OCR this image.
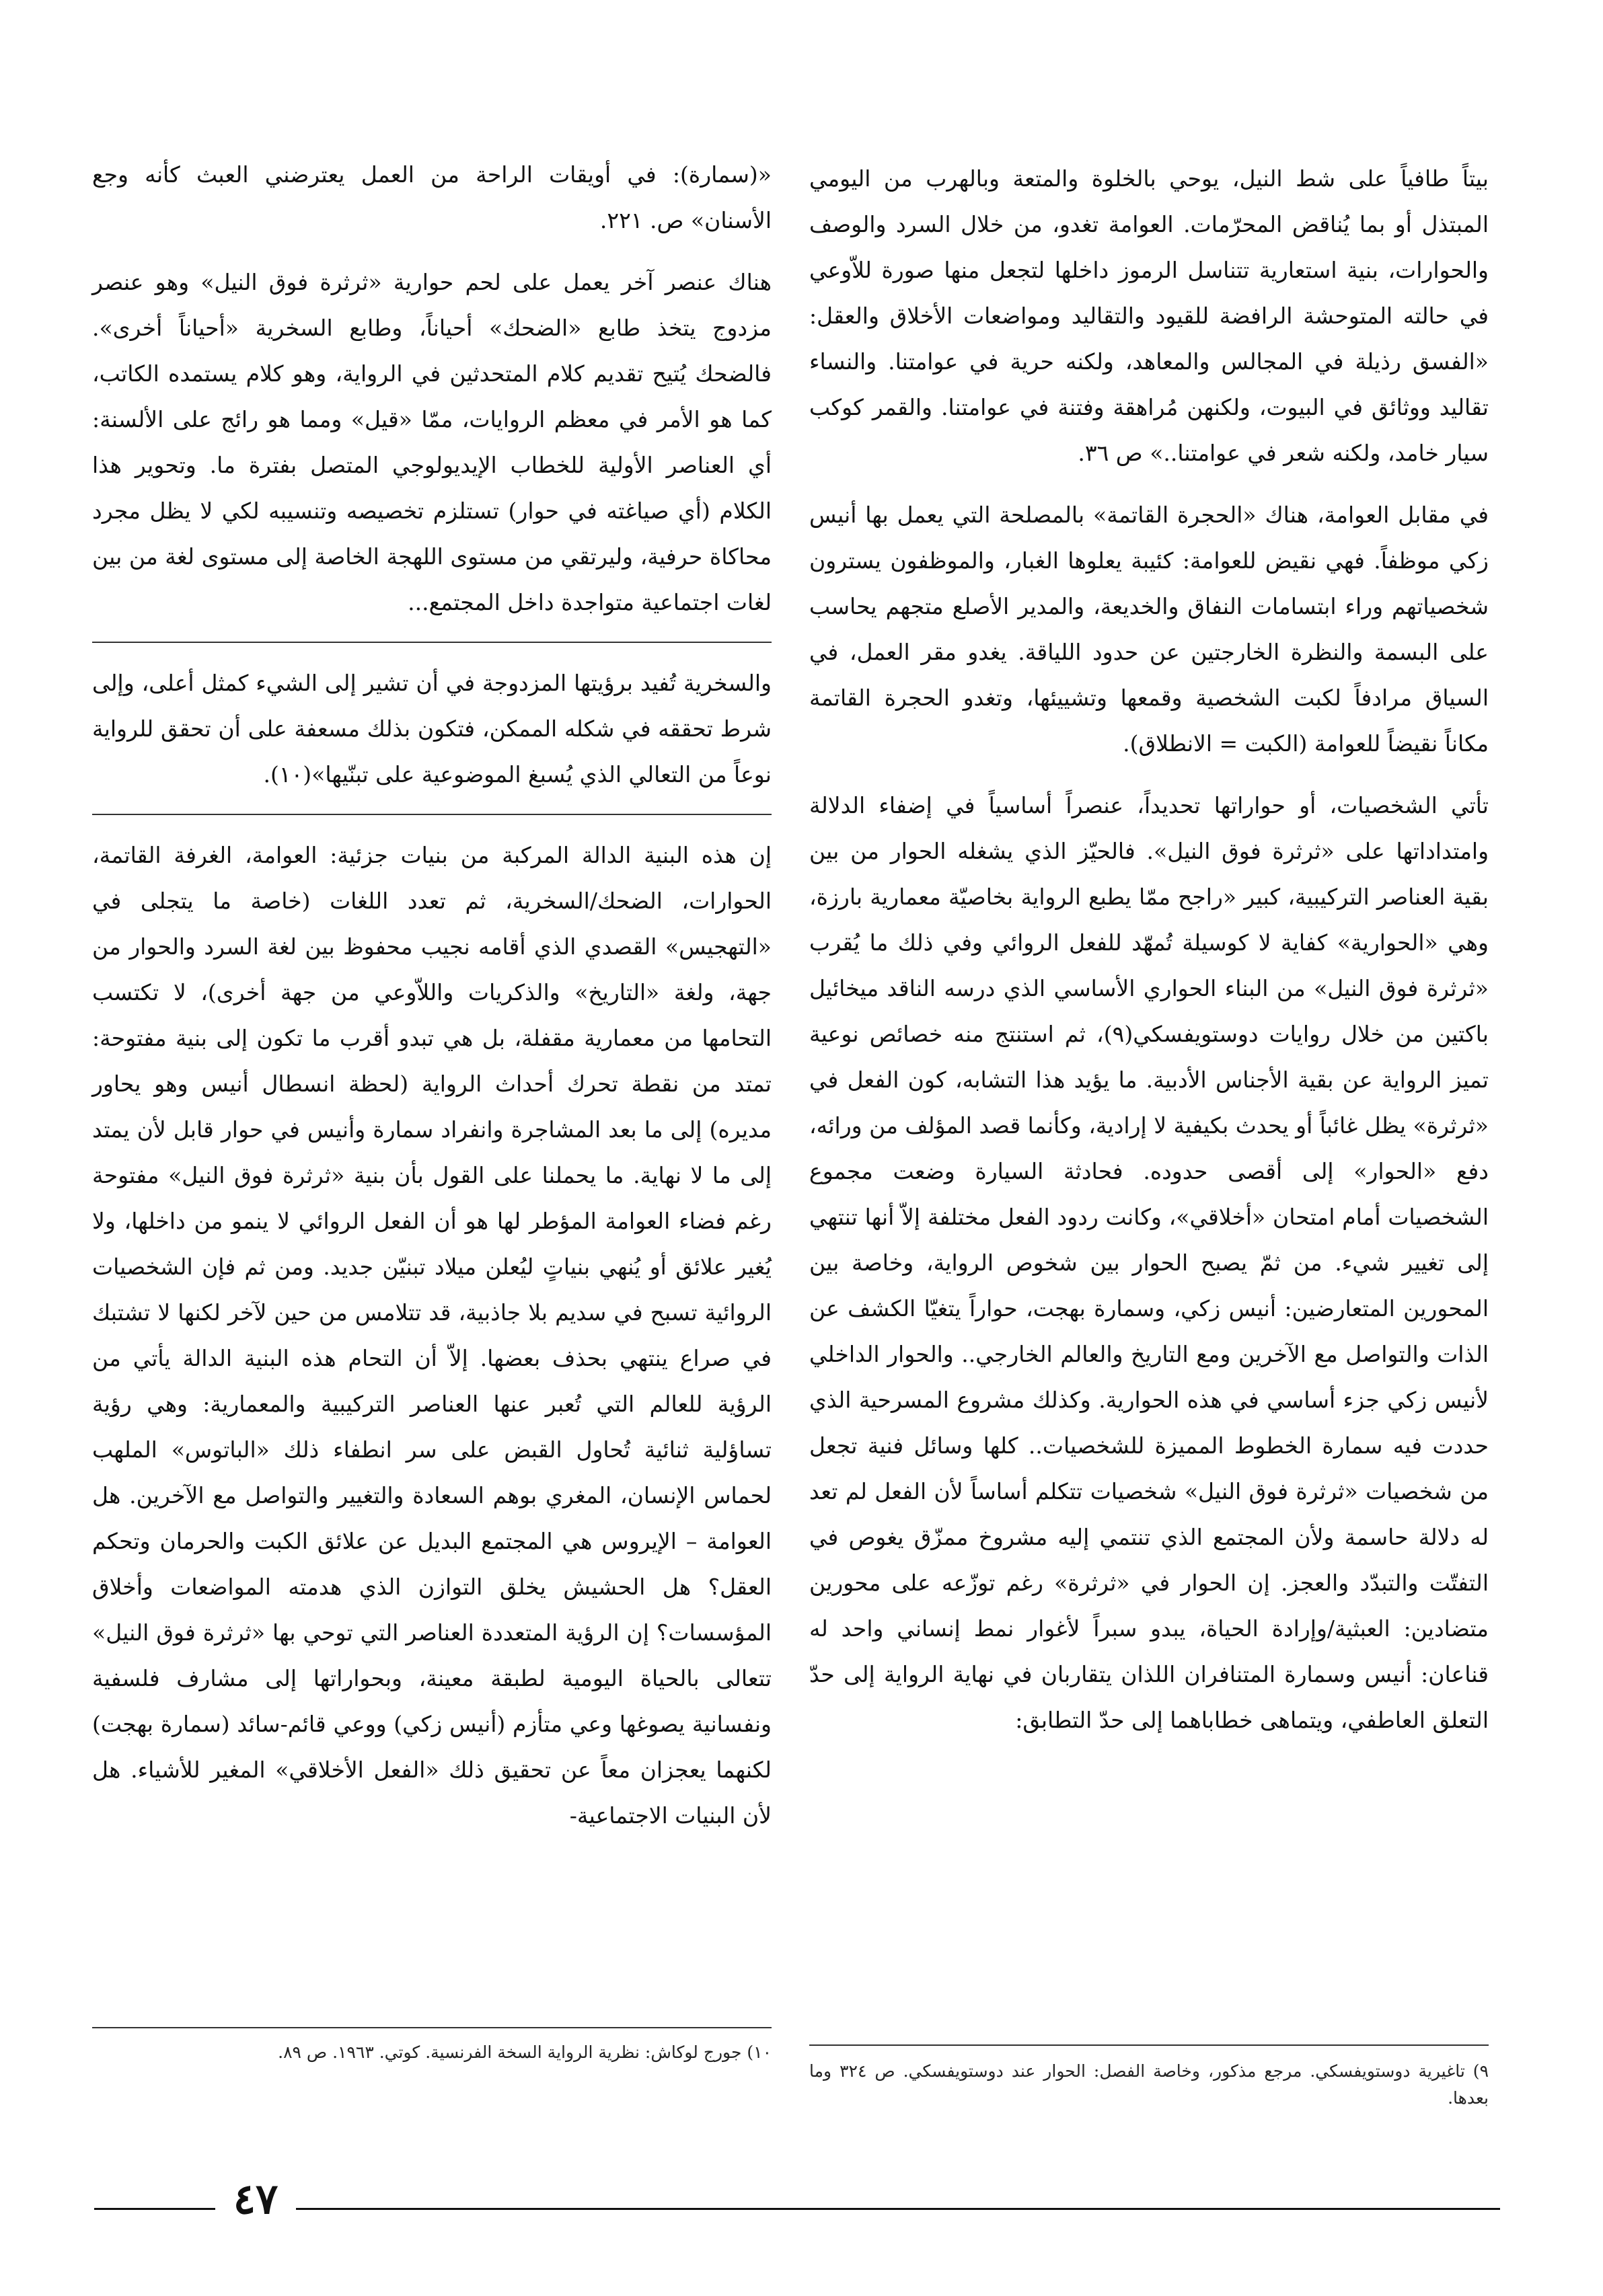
بيتاً طافياً على شط النيل، يوحي بالخلوة والمتعة وبالهرب من اليومي المبتذل أو بما يُناقض المحرّمات. العوامة تغدو، من خلال السرد والوصف والحوارات، بنية استعارية تتناسل الرموز داخلها لتجعل منها صورة للاّوعي في حالته المتوحشة الرافضة للقيود والتقاليد ومواضعات الأخلاق والعقل: «الفسق رذيلة في المجالس والمعاهد، ولكنه حرية في عوامتنا. والنساء تقاليد ووثائق في البيوت، ولكنهن مُراهقة وفتنة في عوامتنا. والقمر كوكب سيار خامد، ولكنه شعر في عوامتنا..» ص ٣٦.

في مقابل العوامة، هناك «الحجرة القاتمة» بالمصلحة التي يعمل بها أنيس زكي موظفاً. فهي نقيض للعوامة: كئيبة يعلوها الغبار، والموظفون يسترون شخصياتهم وراء ابتسامات النفاق والخديعة، والمدير الأصلع متجهم يحاسب على البسمة والنظرة الخارجتين عن حدود اللياقة. يغدو مقر العمل، في السياق مرادفاً لكبت الشخصية وقمعها وتشييئها، وتغدو الحجرة القاتمة مكاناً نقيضاً للعوامة (الكبت = الانطلاق).

تأتي الشخصيات، أو حواراتها تحديداً، عنصراً أساسياً في إضفاء الدلالة وامتداداتها على «ثرثرة فوق النيل». فالحيّز الذي يشغله الحوار من بين بقية العناصر التركيبية، كبير «راجح ممّا يطبع الرواية بخاصيّة معمارية بارزة، وهي «الحوارية» كفاية لا كوسيلة تُمهّد للفعل الروائي وفي ذلك ما يُقرب «ثرثرة فوق النيل» من البناء الحواري الأساسي الذي درسه الناقد ميخائيل باكتين من خلال روايات دوستويفسكي(٩)، ثم استنتج منه خصائص نوعية تميز الرواية عن بقية الأجناس الأدبية. ما يؤيد هذا التشابه، كون الفعل في «ثرثرة» يظل غائباً أو يحدث بكيفية لا إرادية، وكأنما قصد المؤلف من ورائه، دفع «الحوار» إلى أقصى حدوده. فحادثة السيارة وضعت مجموع الشخصيات أمام امتحان «أخلاقي»، وكانت ردود الفعل مختلفة إلاّ أنها تنتهي إلى تغيير شيء. من ثمّ يصبح الحوار بين شخوص الرواية، وخاصة بين المحورين المتعارضين: أنيس زكي، وسمارة بهجت، حواراً يتغيّا الكشف عن الذات والتواصل مع الآخرين ومع التاريخ والعالم الخارجي.. والحوار الداخلي لأنيس زكي جزء أساسي في هذه الحوارية. وكذلك مشروع المسرحية الذي حددت فيه سمارة الخطوط المميزة للشخصيات.. كلها وسائل فنية تجعل من شخصيات «ثرثرة فوق النيل» شخصيات تتكلم أساساً لأن الفعل لم تعد له دلالة حاسمة ولأن المجتمع الذي تنتمي إليه مشروخ ممزّق يغوص في التفتّت والتبدّد والعجز. إن الحوار في «ثرثرة» رغم توزّعه على محورين متضادين: العبثية/وإرادة الحياة، يبدو سبراً لأغوار نمط إنساني واحد له قناعان: أنيس وسمارة المتنافران اللذان يتقاربان في نهاية الرواية إلى حدّ التعلق العاطفي، ويتماهى خطاباهما إلى حدّ التطابق:

٩) تاغيرية دوستويفسكي. مرجع مذكور، وخاصة الفصل: الحوار عند دوستويفسكي. ص ٣٢٤ وما بعدها.

«(سمارة): في أويقات الراحة من العمل يعترضني العبث كأنه وجع الأسنان» ص. ٢٢١.

هناك عنصر آخر يعمل على لحم حوارية «ثرثرة فوق النيل» وهو عنصر مزدوج يتخذ طابع «الضحك» أحياناً، وطابع السخرية «أحياناً أخرى». فالضحك يُتيح تقديم كلام المتحدثين في الرواية، وهو كلام يستمده الكاتب، كما هو الأمر في معظم الروايات، ممّا «قيل» ومما هو رائج على الألسنة: أي العناصر الأولية للخطاب الإيديولوجي المتصل بفترة ما. وتحوير هذا الكلام (أي صياغته في حوار) تستلزم تخصيصه وتنسيبه لكي لا يظل مجرد محاكاة حرفية، وليرتقي من مستوى اللهجة الخاصة إلى مستوى لغة من بين لغات اجتماعية متواجدة داخل المجتمع...

والسخرية تُفيد برؤيتها المزدوجة في أن تشير إلى الشيء كمثل أعلى، وإلى شرط تحققه في شكله الممكن، فتكون بذلك مسعفة على أن تحقق للرواية نوعاً من التعالي الذي يُسبغ الموضوعية على تبنّيها»(١٠).

إن هذه البنية الدالة المركبة من بنيات جزئية: العوامة، الغرفة القاتمة، الحوارات، الضحك/السخرية، ثم تعدد اللغات (خاصة ما يتجلى في «التهجيس» القصدي الذي أقامه نجيب محفوظ بين لغة السرد والحوار من جهة، ولغة «التاريخ» والذكريات واللاّوعي من جهة أخرى)، لا تكتسب التحامها من معمارية مقفلة، بل هي تبدو أقرب ما تكون إلى بنية مفتوحة: تمتد من نقطة تحرك أحداث الرواية (لحظة انسطال أنيس وهو يحاور مديره) إلى ما بعد المشاجرة وانفراد سمارة وأنيس في حوار قابل لأن يمتد إلى ما لا نهاية. ما يحملنا على القول بأن بنية «ثرثرة فوق النيل» مفتوحة رغم فضاء العوامة المؤطر لها هو أن الفعل الروائي لا ينمو من داخلها، ولا يُغير علائق أو يُنهي بنياتٍ ليُعلن ميلاد تبنيّن جديد. ومن ثم فإن الشخصيات الروائية تسبح في سديم بلا جاذبية، قد تتلامس من حين لآخر لكنها لا تشتبك في صراع ينتهي بحذف بعضها. إلاّ أن التحام هذه البنية الدالة يأتي من الرؤية للعالم التي تُعبر عنها العناصر التركيبية والمعمارية: وهي رؤية تساؤلية ثنائية تُحاول القبض على سر انطفاء ذلك «الباتوس» الملهب لحماس الإنسان، المغري بوهم السعادة والتغيير والتواصل مع الآخرين. هل العوامة – الإيروس هي المجتمع البديل عن علائق الكبت والحرمان وتحكم العقل؟ هل الحشيش يخلق التوازن الذي هدمته المواضعات وأخلاق المؤسسات؟ إن الرؤية المتعددة العناصر التي توحي بها «ثرثرة فوق النيل» تتعالى بالحياة اليومية لطبقة معينة، وبحواراتها إلى مشارف فلسفية ونفسانية يصوغها وعي متأزم (أنيس زكي) ووعي قائم-سائد (سمارة بهجت) لكنهما يعجزان معاً عن تحقيق ذلك «الفعل الأخلاقي» المغير للأشياء. هل لأن البنيات الاجتماعية-

١٠) جورج لوكاش: نظرية الرواية السخة الفرنسية. كوتي. ١٩٦٣. ص ٨٩.
٤٧
